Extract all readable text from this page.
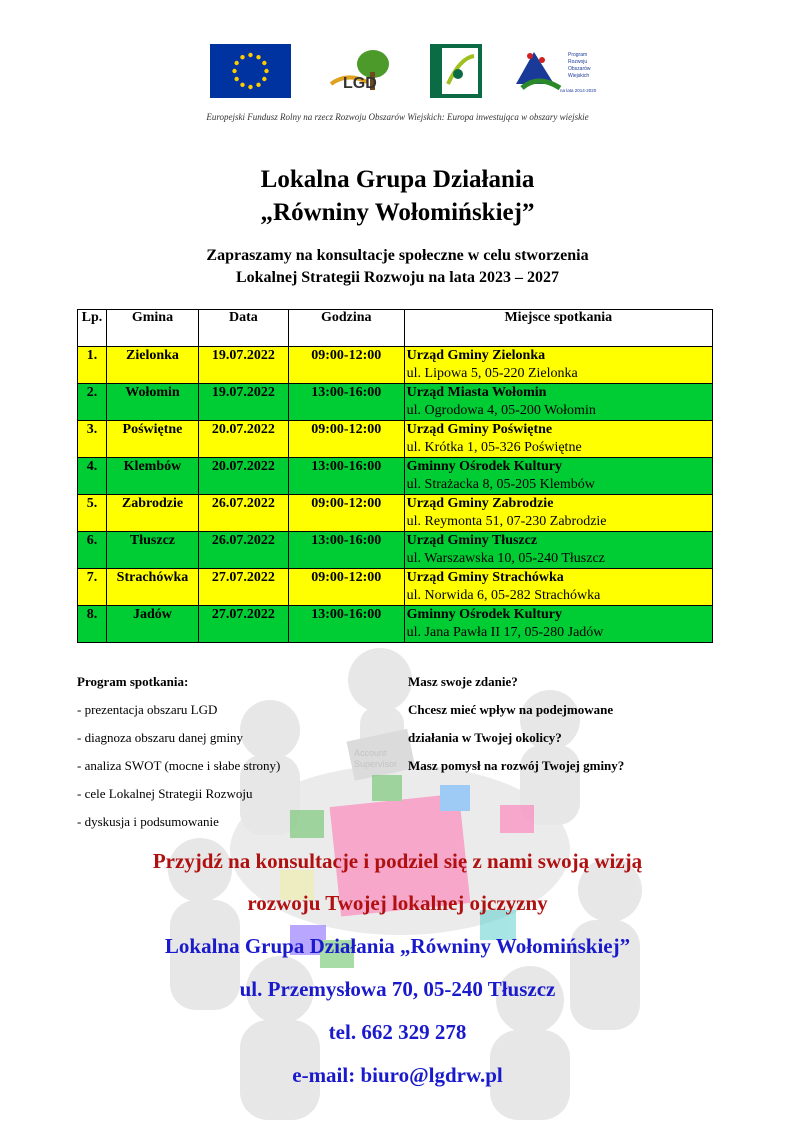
LGD
Program
Rozwoju
Obszarów
Wiejskich
na lata 2014-2020
Europejski Fundusz Rolny na rzecz Rozwoju Obszarów Wiejskich: Europa inwestująca w obszary wiejskie
Lokalna Grupa Działania
„Równiny Wołomińskiej”
Zapraszamy na konsultacje społeczne w celu stworzenia
Lokalnej Strategii Rozwoju na lata 2023 – 2027
Lp.	Gmina	Data	Godzina	Miejsce spotkania
1.	Zielonka	19.07.2022	09:00-12:00	Urząd Gminy Zielonka
ul. Lipowa 5, 05-220 Zielonka

2.	Wołomin	19.07.2022	13:00-16:00	Urząd Miasta Wołomin
ul. Ogrodowa 4, 05-200 Wołomin

3.	Poświętne	20.07.2022	09:00-12:00	Urząd Gminy Poświętne
ul. Krótka 1, 05-326 Poświętne

4.	Klembów	20.07.2022	13:00-16:00	Gminny Ośrodek Kultury
ul. Strażacka 8, 05-205 Klembów

5.	Zabrodzie	26.07.2022	09:00-12:00	Urząd Gminy Zabrodzie
ul. Reymonta 51, 07-230 Zabrodzie

6.	Tłuszcz	26.07.2022	13:00-16:00	Urząd Gminy Tłuszcz
ul. Warszawska 10, 05-240 Tłuszcz

7.	Strachówka	27.07.2022	09:00-12:00	Urząd Gminy Strachówka
ul. Norwida 6, 05-282 Strachówka

8.	Jadów	27.07.2022	13:00-16:00	Gminny Ośrodek Kultury
ul. Jana Pawła II 17, 05-280 Jadów
Account
Supervisor
Program spotkania:
- prezentacja obszaru LGD
- diagnoza obszaru danej gminy
- analiza SWOT (mocne i słabe strony)
- cele Lokalnej Strategii Rozwoju
- dyskusja i podsumowanie
Masz swoje zdanie?
Chcesz mieć wpływ na podejmowane
działania w Twojej okolicy?
Masz pomysł na rozwój Twojej gminy?
Przyjdź na konsultacje i podziel się z nami swoją wizją
rozwoju Twojej lokalnej ojczyzny
Lokalna Grupa Działania „Równiny Wołomińskiej”
ul. Przemysłowa 70, 05-240 Tłuszcz
tel. 662 329 278
e-mail: biuro@lgdrw.pl
